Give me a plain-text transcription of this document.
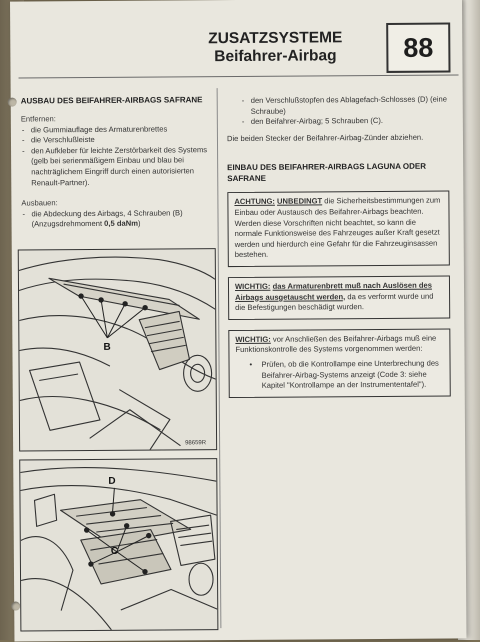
ZUSATZSYSTEME
Beifahrer-Airbag	88
AUSBAU DES BEIFAHRER-AIRBAGS SAFRANE
Entfernen:
- die Gummiauflage des Armaturenbrettes
- die Verschlußleiste
- den Aufkleber für leichte Zerstörbarkeit des Systems (gelb bei serienmäßigem Einbau und blau bei nachträglichem Eingriff durch einen autorisierten Renault-Partner).
Ausbauen:
- die Abdeckung des Airbags, 4 Schrauben (B) (Anzugsdrehmoment 0,5 daNm)
B
98659R
D
C
- den Verschlußstopfen des Ablagefach-Schlosses (D) (eine Schraube)
- den Beifahrer-Airbag; 5 Schrauben (C).
Die beiden Stecker der Beifahrer-Airbag-Zünder abziehen.
EINBAU DES BEIFAHRER-AIRBAGS LAGUNA ODER SAFRANE
ACHTUNG: UNBEDINGT die Sicherheitsbestimmungen zum Einbau oder Austausch des Beifahrer-Airbags beachten. Werden diese Vorschriften nicht beachtet, so kann die normale Funktionsweise des Fahrzeuges außer Kraft gesetzt werden und hierdurch eine Gefahr für die Fahrzeuginsassen bestehen.
WICHTIG: das Armaturenbrett muß nach Auslösen des Airbags ausgetauscht werden, da es verformt wurde und die Befestigungen beschädigt wurden.
WICHTIG: vor Anschließen des Beifahrer-Airbags muß eine Funktionskontrolle des Systems vorgenommen werden:
• Prüfen, ob die Kontrollampe eine Unterbrechung des Beifahrer-Airbag-Systems anzeigt (Code 3: siehe Kapitel "Kontrollampe an der Instrumententafel").
